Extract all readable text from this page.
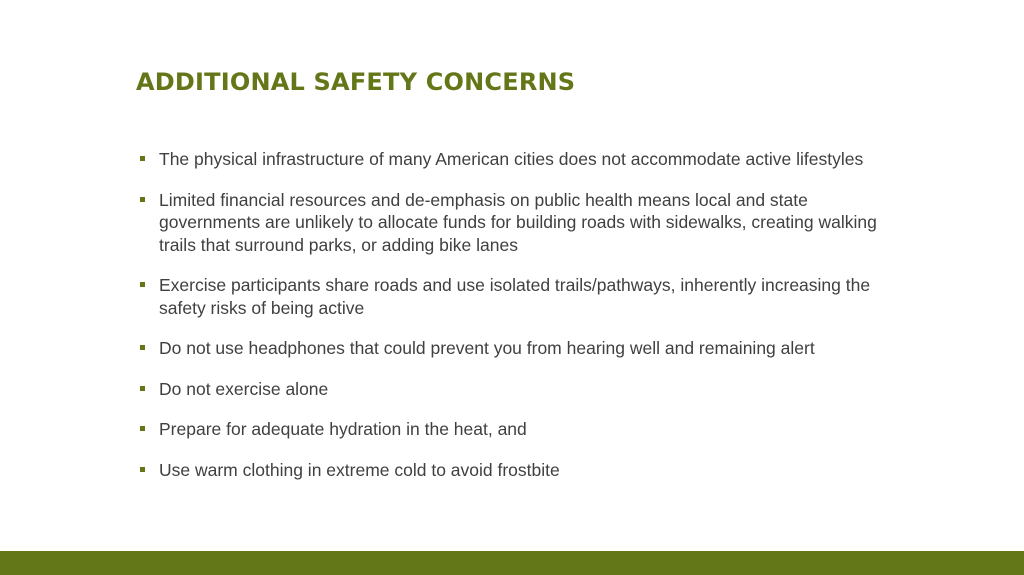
ADDITIONAL SAFETY CONCERNS
The physical infrastructure of many American cities does not accommodate active lifestyles
Limited financial resources and de-emphasis on public health means local and state governments are unlikely to allocate funds for building roads with sidewalks, creating walking trails that surround parks, or adding bike lanes
Exercise participants share roads and use isolated trails/pathways, inherently increasing the safety risks of being active
Do not use headphones that could prevent you from hearing well and remaining alert
Do not exercise alone
Prepare for adequate hydration in the heat, and
Use warm clothing in extreme cold to avoid frostbite
